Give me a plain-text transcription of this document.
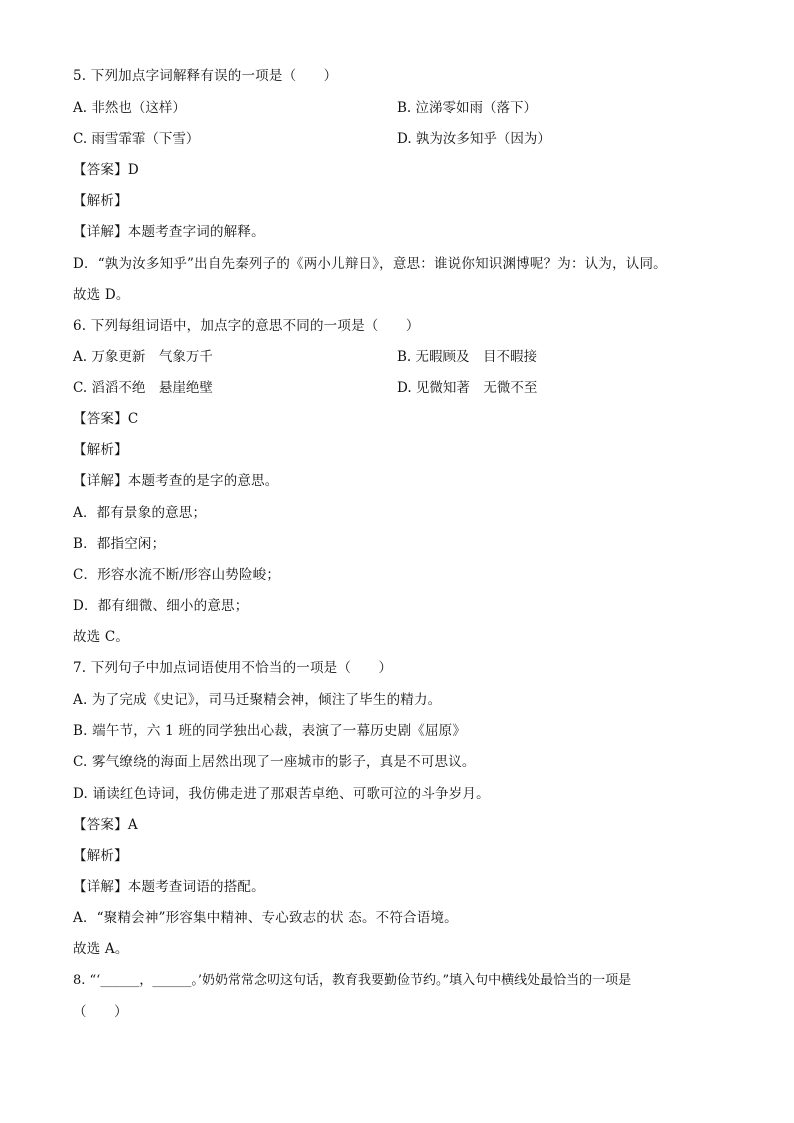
5. 下列加点字词解释有误的一项是（　　）
A. 非然也（这样）	B. 泣涕零如雨（落下）
C. 雨雪霏霏（下雪）	D. 孰为汝多知乎（因为）
【答案】D
【解析】
【详解】本题考查字词的解释。
D．“孰为汝多知乎”出自先秦列子的《两小儿辩日》，意思：谁说你知识渊博呢？为：认为，认同。
故选 D。
6. 下列每组词语中，加点字的意思不同的一项是（　　）
A. 万象更新　气象万千	B. 无暇顾及　目不暇接
C. 滔滔不绝　悬崖绝壁	D. 见微知著　无微不至
【答案】C
【解析】
【详解】本题考查的是字的意思。
A．都有景象的意思；
B．都指空闲；
C．形容水流不断/形容山势险峻；
D．都有细微、细小的意思；
故选 C。
7. 下列句子中加点词语使用不恰当的一项是（　　）
A. 为了完成《史记》，司马迁聚精会神，倾注了毕生的精力。
B. 端午节，六 1 班的同学独出心裁，表演了一幕历史剧《屈原》
C. 雾气缭绕的海面上居然出现了一座城市的影子，真是不可思议。
D. 诵读红色诗词，我仿佛走进了那艰苦卓绝、可歌可泣的斗争岁月。
【答案】A
【解析】
【详解】本题考查词语的搭配。
A．“聚精会神”形容集中精神、专心致志的状 态。不符合语境。
故选 A。
8. “‘______，______。’奶奶常常念叨这句话，教育我要勤俭节约。”填入句中横线处最恰当的一项是
（　　）
